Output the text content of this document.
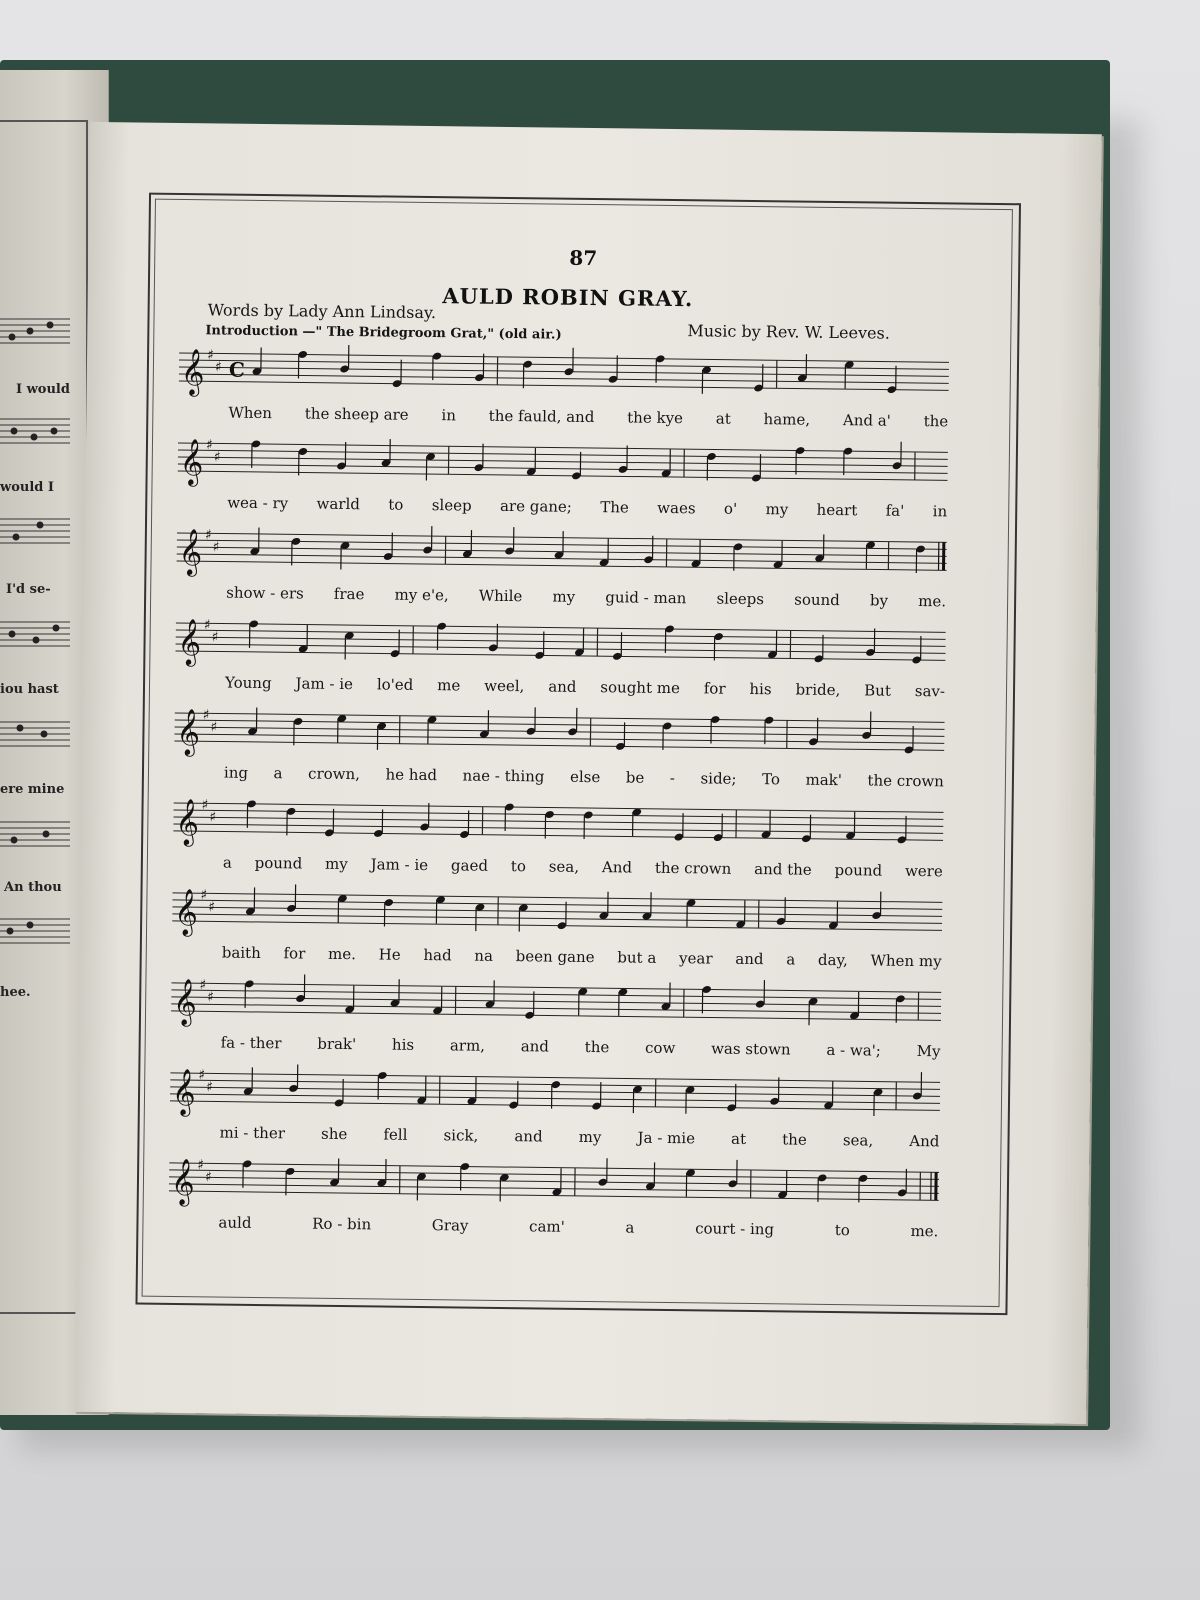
I would
would I
I'd se-
iou hast
ere mine
An thou
hee.
87
AULD ROBIN GRAY.
Words by Lady Ann Lindsay.
Music by Rev. W. Leeves.
Introduction —" The Bridegroom Grat," (old air.)
𝄞 ♯
♯ C
When the sheep are in the fauld, and the kye at hame, And a' the
𝄞 ♯
♯
wea - ry warld to sleep are gane; The waes o' my heart fa' in
𝄞 ♯
♯
show - ers frae my e'e, While my guid - man sleeps sound by me.
𝄞 ♯
♯
Young Jam - ie lo'ed me weel, and sought me for his bride, But sav-
𝄞 ♯
♯
ing a crown, he had nae - thing else be - side; To mak' the crown
𝄞 ♯
♯
a pound my Jam - ie gaed to sea, And the crown and the pound were
𝄞 ♯
♯
baith for me. He had na been gane but a year and a day, When my
𝄞 ♯
♯
fa - ther brak' his arm, and the cow was stown a - wa'; My
𝄞 ♯
♯
mi - ther she fell sick, and my Ja - mie at the sea, And
𝄞 ♯
♯
auld	Ro - bin	Gray	cam'	a	court - ing	to	me.
